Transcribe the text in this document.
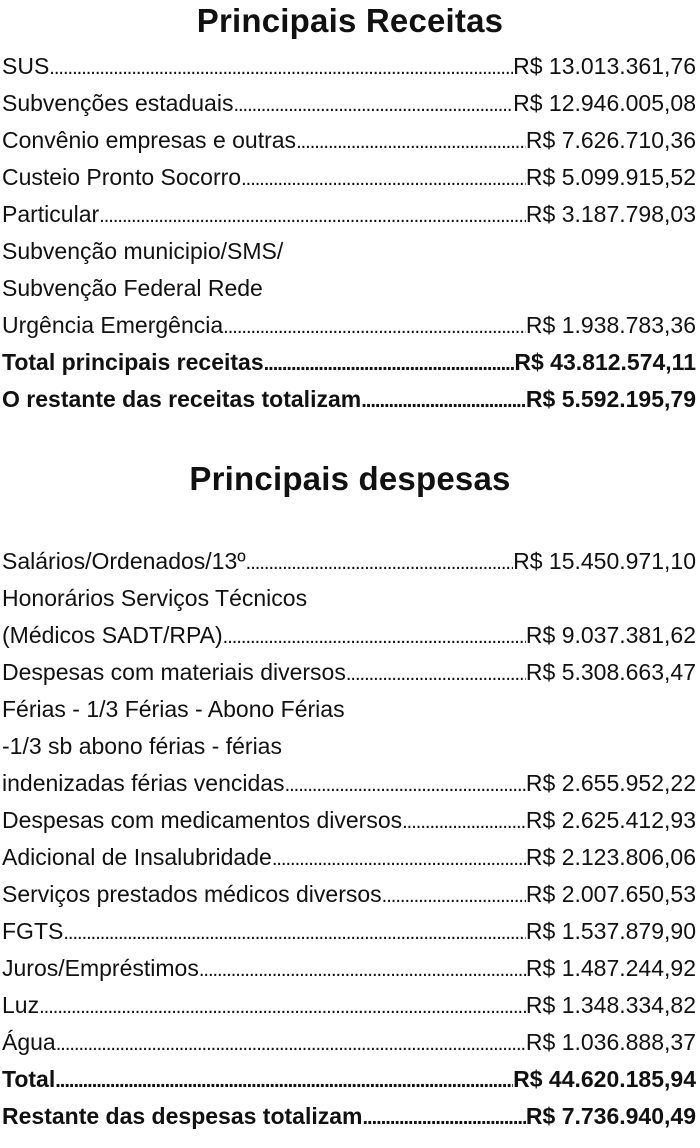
Principais Receitas
SUS .....	R$ 13.013.361,76
Subvenções estaduais .....	R$ 12.946.005,08
Convênio empresas e outras .....	R$ 7.626.710,36
Custeio Pronto Socorro .....	R$ 5.099.915,52
Particular .....	R$ 3.187.798,03
Subvenção municipio/SMS/
Subvenção Federal Rede
Urgência Emergência .....	R$ 1.938.783,36
Total principais receitas .....	R$ 43.812.574,11
O restante das receitas totalizam .....	R$ 5.592.195,79
Principais despesas
Salários/Ordenados/13º .....	R$ 15.450.971,10
Honorários Serviços Técnicos
(Médicos SADT/RPA) .....	R$ 9.037.381,62
Despesas com materiais diversos .....	R$ 5.308.663,47
Férias - 1/3 Férias - Abono Férias
-1/3 sb abono férias - férias
indenizadas férias vencidas .....	R$ 2.655.952,22
Despesas com medicamentos diversos .....	R$ 2.625.412,93
Adicional de Insalubridade .....	R$ 2.123.806,06
Serviços prestados médicos diversos .....	R$ 2.007.650,53
FGTS .....	R$ 1.537.879,90
Juros/Empréstimos .....	R$ 1.487.244,92
Luz .....	R$ 1.348.334,82
Água .....	R$ 1.036.888,37
Total .....	R$ 44.620.185,94
Restante das despesas totalizam .....	R$ 7.736.940,49
